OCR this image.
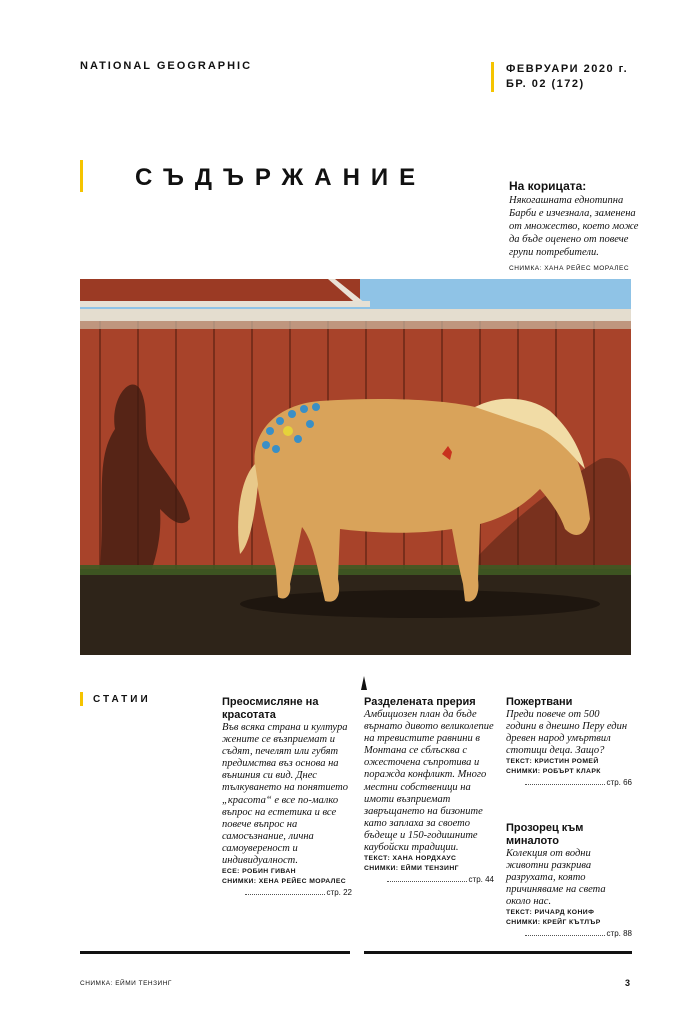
NATIONAL GEOGRAPHIC	ФЕВРУАРИ 2020 г.
БР. 02 (172)
СЪДЪРЖАНИЕ	На корицата:
Някогашната еднотипна Барби е изчезнала, заменена от множество, което може да бъде оценено от повече групи потребители.
СНИМКА: ХАНА РЕЙЕС МОРАЛЕС
СТАТИИ	Преосмисляне на красотата
Във всяка страна и култура жените се възприемат и съдят, печелят или губят предимства въз основа на външния си вид. Днес тълкуването на понятието „красота“ е все по-малко въпрос на естетика и все повече въпрос на самосъзнание, лична самоувереност и индивидуалност.
ЕСЕ: РОБИН ГИВАН
СНИМКИ: ХЕНА РЕЙЕС МОРАЛЕС
стр. 22
Разделената прерия
Амбициозен план да бъде върнато дивото великолепие на тревистите равнини в Монтана се сблъсква с ожесточена съпротива и поражда конфликт. Много местни собственици на имоти възприемат завръщането на бизоните като заплаха за своето бъдеще и 150-годишните каубойски традиции.
ТЕКСТ: ХАНА НОРДХАУС
СНИМКИ: ЕЙМИ ТЕНЗИНГ
стр. 44
Пожертвани
Преди повече от 500 години в днешно Перу един древен народ умъртвил стотици деца. Защо?
ТЕКСТ: КРИСТИН РОМЕЙ
СНИМКИ: РОБЪРТ КЛАРК
стр. 66
Прозорец към миналото
Колекция от водни животни разкрива разрухата, която причиняваме на света около нас.
ТЕКСТ: РИЧАРД КОНИФ
СНИМКИ: КРЕЙГ КЪТЛЪР
стр. 88
СНИМКА: ЕЙМИ ТЕНЗИНГ	3
